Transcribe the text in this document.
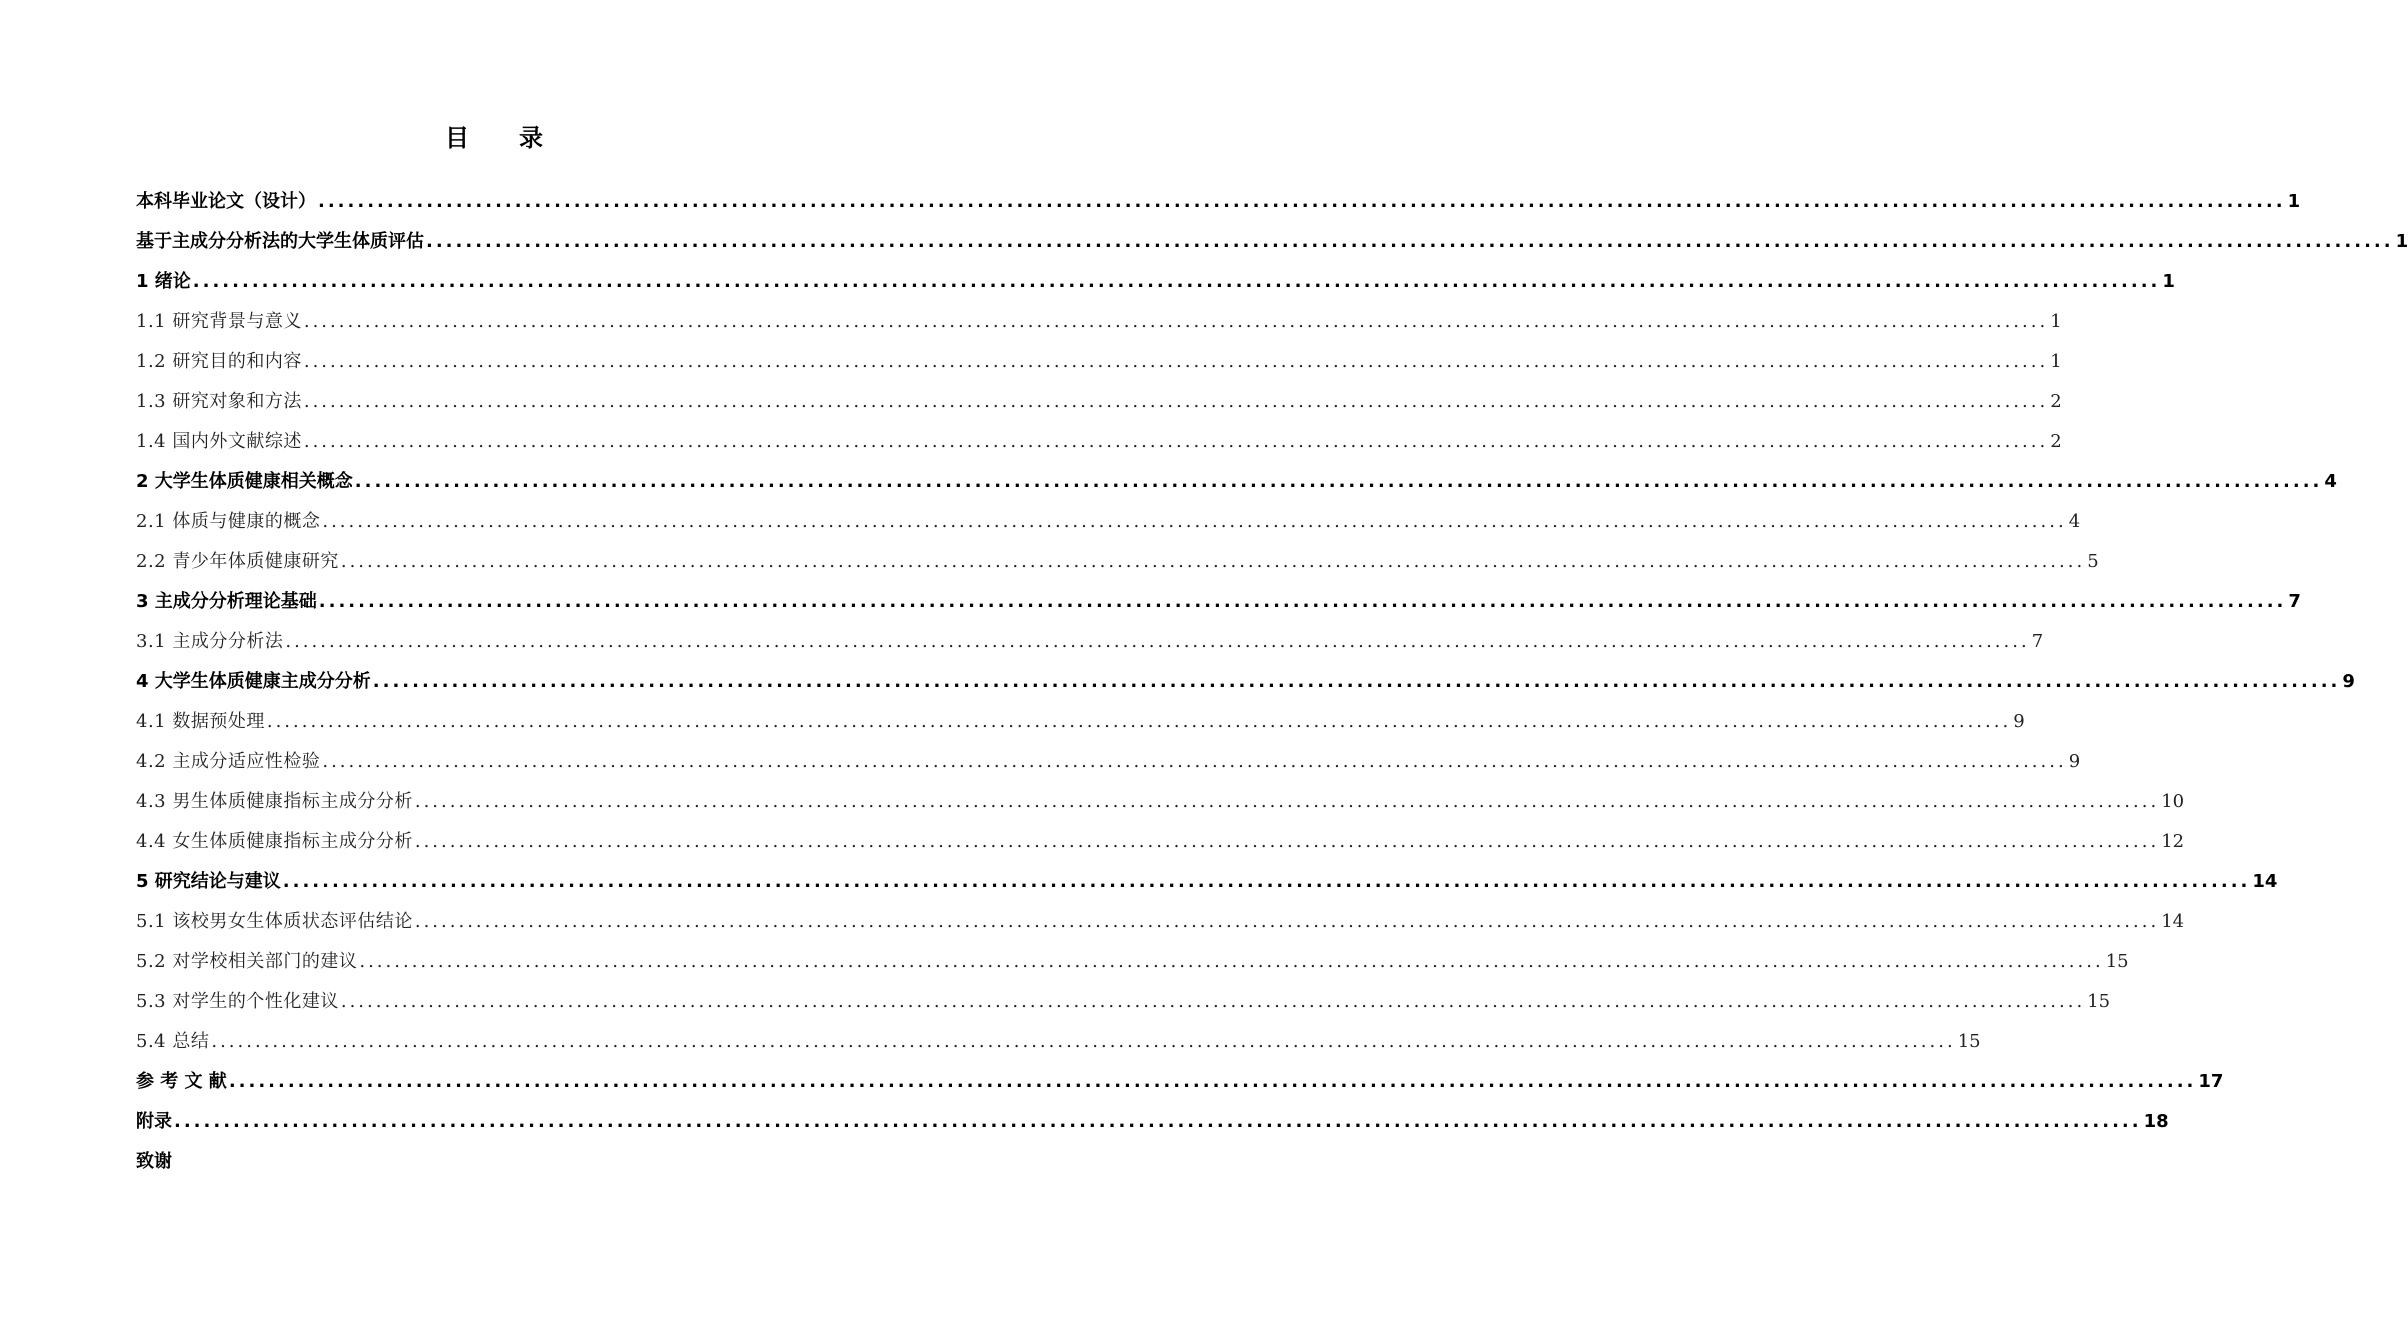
目 录
本科毕业论文（设计） ........................................................................................................................................................................................................ 1
基于主成分分析法的大学生体质评估 ........................................................................................................................................................................................................ 1
1 绪论 ........................................................................................................................................................................................................ 1
1.1 研究背景与意义 ........................................................................................................................................................................................................ 1
1.2 研究目的和内容 ........................................................................................................................................................................................................ 1
1.3 研究对象和方法 ........................................................................................................................................................................................................ 2
1.4 国内外文献综述 ........................................................................................................................................................................................................ 2
2 大学生体质健康相关概念 ........................................................................................................................................................................................................ 4
2.1 体质与健康的概念 ........................................................................................................................................................................................................ 4
2.2 青少年体质健康研究 ........................................................................................................................................................................................................ 5
3 主成分分析理论基础 ........................................................................................................................................................................................................ 7
3.1 主成分分析法 ........................................................................................................................................................................................................ 7
4 大学生体质健康主成分分析 ........................................................................................................................................................................................................ 9
4.1 数据预处理 ........................................................................................................................................................................................................ 9
4.2 主成分适应性检验 ........................................................................................................................................................................................................ 9
4.3 男生体质健康指标主成分分析 ........................................................................................................................................................................................................ 10
4.4 女生体质健康指标主成分分析 ........................................................................................................................................................................................................ 12
5 研究结论与建议 ........................................................................................................................................................................................................ 14
5.1 该校男女生体质状态评估结论 ........................................................................................................................................................................................................ 14
5.2 对学校相关部门的建议 ........................................................................................................................................................................................................ 15
5.3 对学生的个性化建议 ........................................................................................................................................................................................................ 15
5.4 总结 ........................................................................................................................................................................................................ 15
参 考 文 献 ........................................................................................................................................................................................................ 17
附录 ........................................................................................................................................................................................................ 18
致谢
